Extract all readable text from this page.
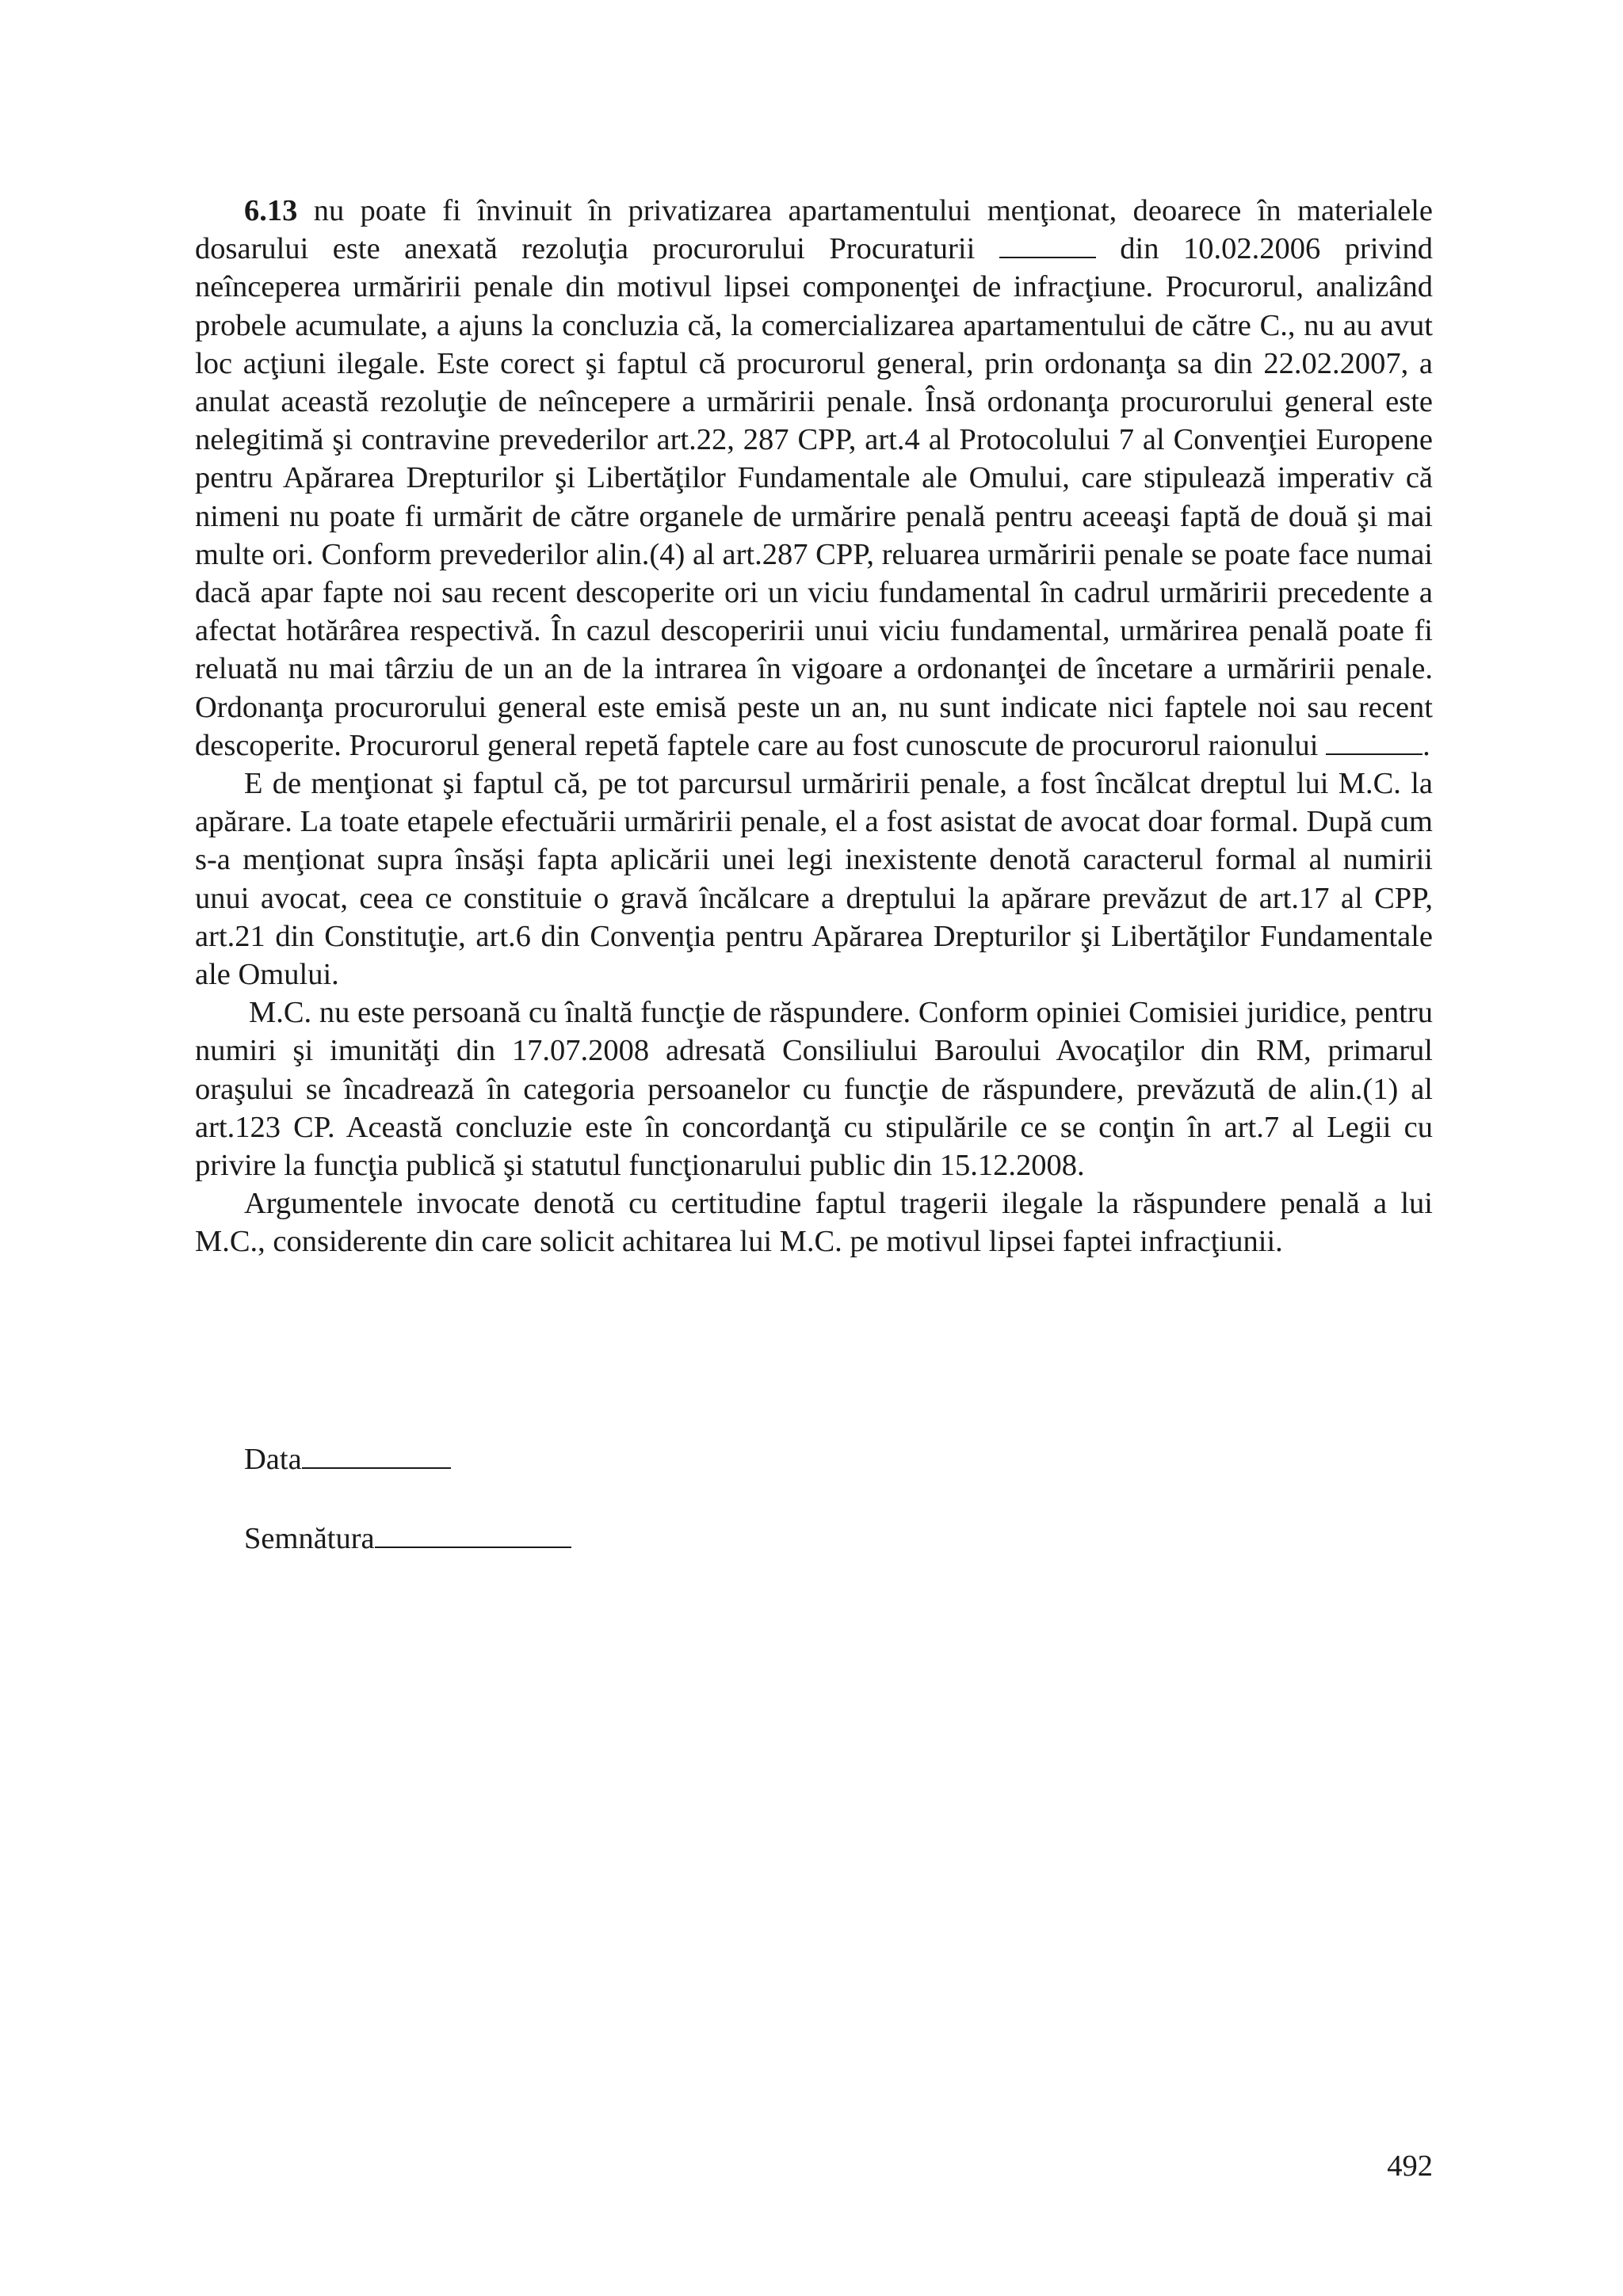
6.13 nu poate fi învinuit în privatizarea apartamentului menţionat, deoarece în materialele dosarului este anexată rezoluţia procurorului Procuraturii	din 10.02.2006 privind neînceperea urmăririi penale din motivul lipsei componenţei de infracţiune. Procurorul, analizând probele acumulate, a ajuns la concluzia că, la comercializarea apartamentului de către C., nu au avut loc acţiuni ilegale. Este corect şi faptul că procurorul general, prin ordonanţa sa din 22.02.2007, a anulat această rezoluţie de neîncepere a urmăririi penale. Însă ordonanţa procurorului general este nelegitimă şi contravine prevederilor art.22, 287 CPP, art.4 al Protocolului 7 al Convenţiei Europene pentru Apărarea Drepturilor şi Libertăţilor Fundamentale ale Omului, care stipulează imperativ că nimeni nu poate fi urmărit de către organele de urmărire penală pentru aceeaşi faptă de două şi mai multe ori. Conform prevederilor alin.(4) al art.287 CPP, reluarea urmăririi penale se poate face numai dacă apar fapte noi sau recent descoperite ori un viciu fundamental în cadrul urmăririi precedente a afectat hotărârea respectivă. În cazul descoperirii unui viciu fundamental, urmărirea penală poate fi reluată nu mai târziu de un an de la intrarea în vigoare a ordonanţei de încetare a urmăririi penale. Ordonanţa procurorului general este emisă peste un an, nu sunt indicate nici faptele noi sau recent descoperite. Procurorul general repetă faptele care au fost cunoscute de procurorul raionului	.

E de menţionat şi faptul că, pe tot parcursul urmăririi penale, a fost încălcat dreptul lui M.C. la apărare. La toate etapele efectuării urmăririi penale, el a fost asistat de avocat doar formal. După cum s-a menţionat supra însăşi fapta aplicării unei legi inexistente denotă caracterul formal al numirii unui avocat, ceea ce constituie o gravă încălcare a dreptului la apărare prevăzut de art.17 al CPP, art.21 din Constituţie, art.6 din Convenţia pentru Apărarea Drepturilor şi Libertăţilor Fundamentale ale Omului.

M.C. nu este persoană cu înaltă funcţie de răspundere. Conform opiniei Comisiei juridice, pentru numiri şi imunităţi din 17.07.2008 adresată Consiliului Baroului Avocaţilor din RM, primarul oraşului se încadrează în categoria persoanelor cu funcţie de răspundere, prevăzută de alin.(1) al art.123 CP. Această concluzie este în concordanţă cu stipulările ce se conţin în art.7 al Legii cu privire la funcţia publică şi statutul funcţionarului public din 15.12.2008.

Argumentele invocate denotă cu certitudine faptul tragerii ilegale la răspundere penală a lui M.C., considerente din care solicit achitarea lui M.C. pe motivul lipsei faptei infracţiunii.

Data
Semnătura
492
